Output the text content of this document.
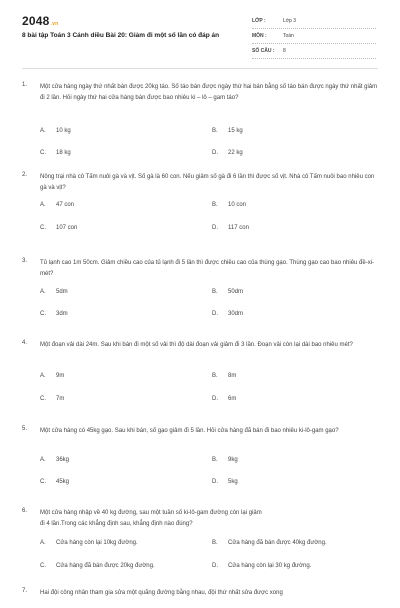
2048.vn
8 bài tập Toán 3 Cánh diều Bài 20: Giảm đi một số lần có đáp án
LỚP :	Lớp 3
MÔN :	Toán
SỐ CÂU : 8
1. Một cửa hàng ngày thứ nhất bán được 20kg táo. Số táo bán được ngày thứ hai bán bằng số táo bán được ngày thứ nhất giảm đi 2 lần. Hỏi ngày thứ hai cửa hàng bán được bao nhiêu ki – lô – gam táo?
A. 10 kg	B. 15 kg
C. 18 kg	D. 22 kg
2. Nông trại nhà cô Tấm nuôi gà và vịt. Số gà là 60 con. Nếu giảm số gà đi 6 lần thì được số vịt. Nhà cô Tấm nuôi bao nhiêu con gà và vịt?
A. 47 con	B. 10 con
C. 107 con	D. 117 con
3. Tủ lạnh cao 1m 50cm. Giảm chiều cao của tủ lạnh đi 5 lần thì được chiều cao của thùng gạo. Thùng gạo cao bao nhiêu đề-xi-mét?
A. 5dm	B. 50dm
C. 3dm	D. 30dm
4. Một đoạn vải dài 24m. Sau khi bán đi một số vải thì độ dài đoạn vải giảm đi 3 lần. Đoạn vải còn lại dài bao nhiêu mét?
A. 9m	B. 8m
C. 7m	D. 6m
5. Một cửa hàng có 45kg gạo. Sau khi bán, số gạo giảm đi 5 lần. Hỏi cửa hàng đã bán đi bao nhiêu ki-lô-gam gạo?
A. 36kg	B. 9kg
C. 45kg	D. 5kg
6. Một cửa hàng nhập về 40 kg đường, sau một tuần số ki-lô-gam đường còn lại giảm đi 4 lần.Trong các khẳng định sau, khẳng định nào đúng?
A. Cửa hàng còn lại 10kg đường.	B. Cửa hàng đã bán được 40kg đường.
C. Cửa hàng đã bán được 20kg đường.	D. Cửa hàng còn lại 30 kg đường.
7. Hai đội công nhân tham gia sửa một quãng đường bằng nhau, đội thứ nhất sửa được xong
